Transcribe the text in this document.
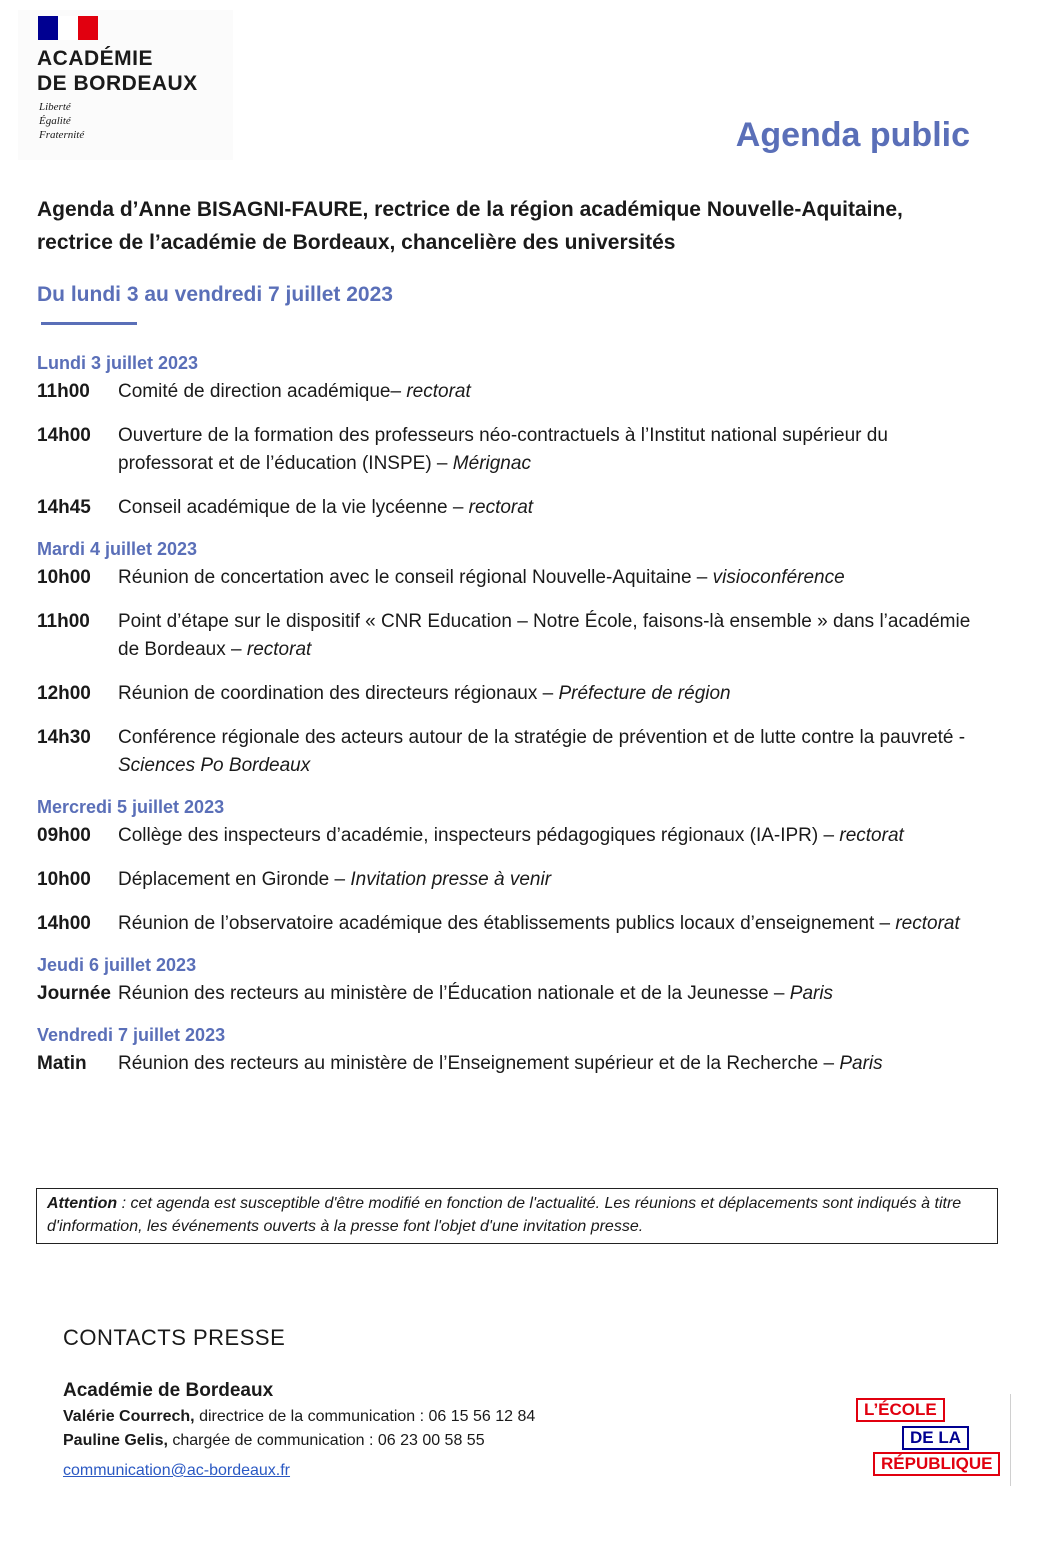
ACADÉMIE
DE BORDEAUX
Liberté
Égalité
Fraternité	Agenda public
Agenda d’Anne BISAGNI-FAURE, rectrice de la région académique Nouvelle-Aquitaine, rectrice de l’académie de Bordeaux, chancelière des universités
Du lundi 3 au vendredi 7 juillet 2023
Lundi 3 juillet 2023
11h00	Comité de direction académique– rectorat
14h00	Ouverture de la formation des professeurs néo-contractuels à l’Institut national supérieur du professorat et de l’éducation (INSPE) – Mérignac
14h45	Conseil académique de la vie lycéenne – rectorat
Mardi 4 juillet 2023
10h00	Réunion de concertation avec le conseil régional Nouvelle-Aquitaine – visioconférence
11h00	Point d’étape sur le dispositif « CNR Education – Notre École, faisons-là ensemble » dans l’académie de Bordeaux – rectorat
12h00	Réunion de coordination des directeurs régionaux – Préfecture de région
14h30	Conférence régionale des acteurs autour de la stratégie de prévention et de lutte contre la pauvreté - Sciences Po Bordeaux
Mercredi 5 juillet 2023
09h00	Collège des inspecteurs d’académie, inspecteurs pédagogiques régionaux (IA-IPR) – rectorat
10h00	Déplacement en Gironde – Invitation presse à venir
14h00	Réunion de l’observatoire académique des établissements publics locaux d’enseignement – rectorat
Jeudi 6 juillet 2023
Journée Réunion des recteurs au ministère de l’Éducation nationale et de la Jeunesse – Paris
Vendredi 7 juillet 2023
Matin	Réunion des recteurs au ministère de l’Enseignement supérieur et de la Recherche – Paris
Attention : cet agenda est susceptible d'être modifié en fonction de l'actualité. Les réunions et déplacements sont indiqués à titre d'information, les événements ouverts à la presse font l'objet d'une invitation presse.
CONTACTS PRESSE
Académie de Bordeaux
Valérie Courrech, directrice de la communication : 06 15 56 12 84
Pauline Gelis, chargée de communication : 06 23 00 58 55
communication@ac-bordeaux.fr
L’ÉCOLE
DE LA
RÉPUBLIQUE
